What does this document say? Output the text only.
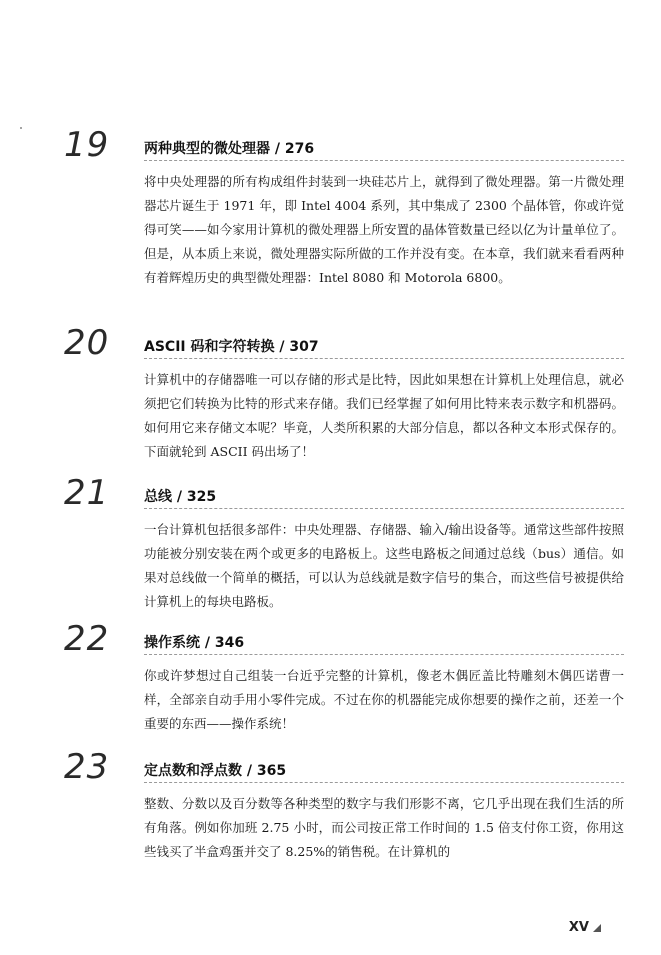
19 两种典型的微处理器 / 276
将中央处理器的所有构成组件封装到一块硅芯片上，就得到了微处理器。第一片微处理器芯片诞生于 1971 年，即 Intel 4004 系列，其中集成了 2300 个晶体管，你或许觉得可笑——如今家用计算机的微处理器上所安置的晶体管数量已经以亿为计量单位了。但是，从本质上来说，微处理器实际所做的工作并没有变。在本章，我们就来看看两种有着辉煌历史的典型微处理器：Intel 8080 和 Motorola 6800。
20 ASCII 码和字符转换 / 307
计算机中的存储器唯一可以存储的形式是比特，因此如果想在计算机上处理信息，就必须把它们转换为比特的形式来存储。我们已经掌握了如何用比特来表示数字和机器码。如何用它来存储文本呢？毕竟，人类所积累的大部分信息，都以各种文本形式保存的。下面就轮到 ASCII 码出场了！
21 总线 / 325
一台计算机包括很多部件：中央处理器、存储器、输入/输出设备等。通常这些部件按照功能被分别安装在两个或更多的电路板上。这些电路板之间通过总线（bus）通信。如果对总线做一个简单的概括，可以认为总线就是数字信号的集合，而这些信号被提供给计算机上的每块电路板。
22 操作系统 / 346
你或许梦想过自己组装一台近乎完整的计算机，像老木偶匠盖比特雕刻木偶匹诺曹一样，全部亲自动手用小零件完成。不过在你的机器能完成你想要的操作之前，还差一个重要的东西——操作系统！
23 定点数和浮点数 / 365
整数、分数以及百分数等各种类型的数字与我们形影不离，它几乎出现在我们生活的所有角落。例如你加班 2.75 小时，而公司按正常工作时间的 1.5 倍支付你工资，你用这些钱买了半盒鸡蛋并交了 8.25%的销售税。在计算机的
XV
